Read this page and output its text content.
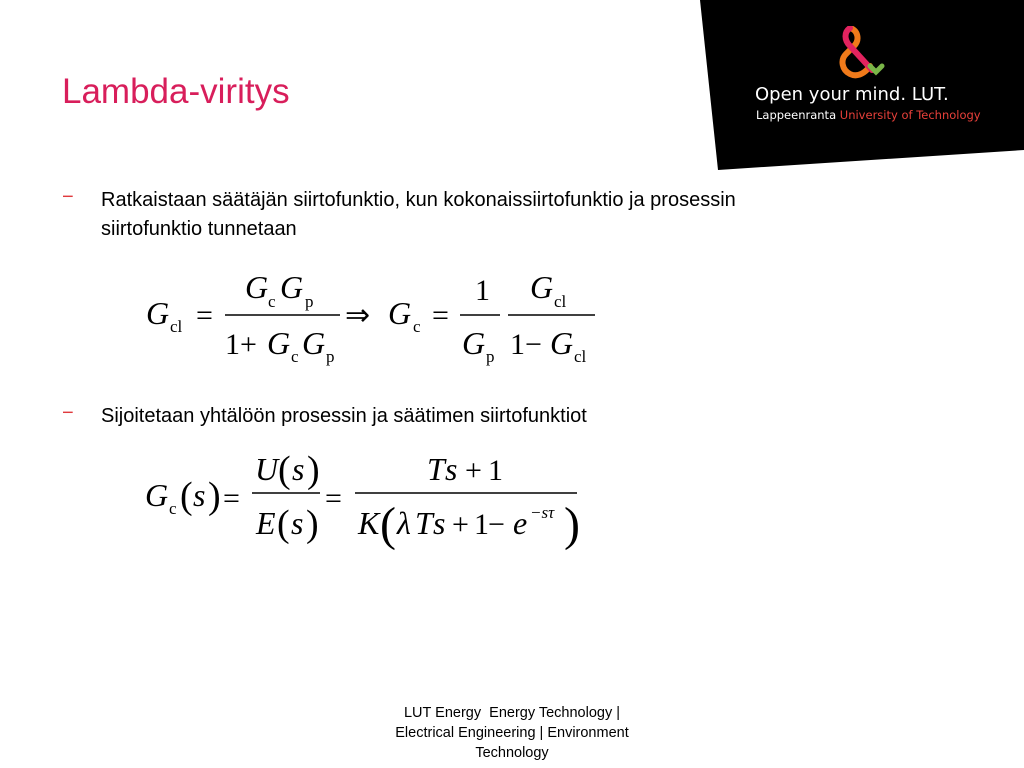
Open your mind. LUT.
Lappeenranta University of Technology
Lambda-viritys
− Ratkaistaan säätäjän siirtofunktio, kun kokonaissiirtofunktio ja prosessin
siirtofunktio tunnetaan
G cl =
G c G p
1 + G c G p
⇒ G c =
1
G p
G cl
1 − G cl
− Sijoitetaan yhtälöön prosessin ja säätimen siirtofunktiot
G c ( s ) =
U ( s )
E ( s )
=
T s + 1
K ( λ T s + 1 − e −sτ )
LUT Energy  Energy Technology |
Electrical Engineering | Environment
Technology
